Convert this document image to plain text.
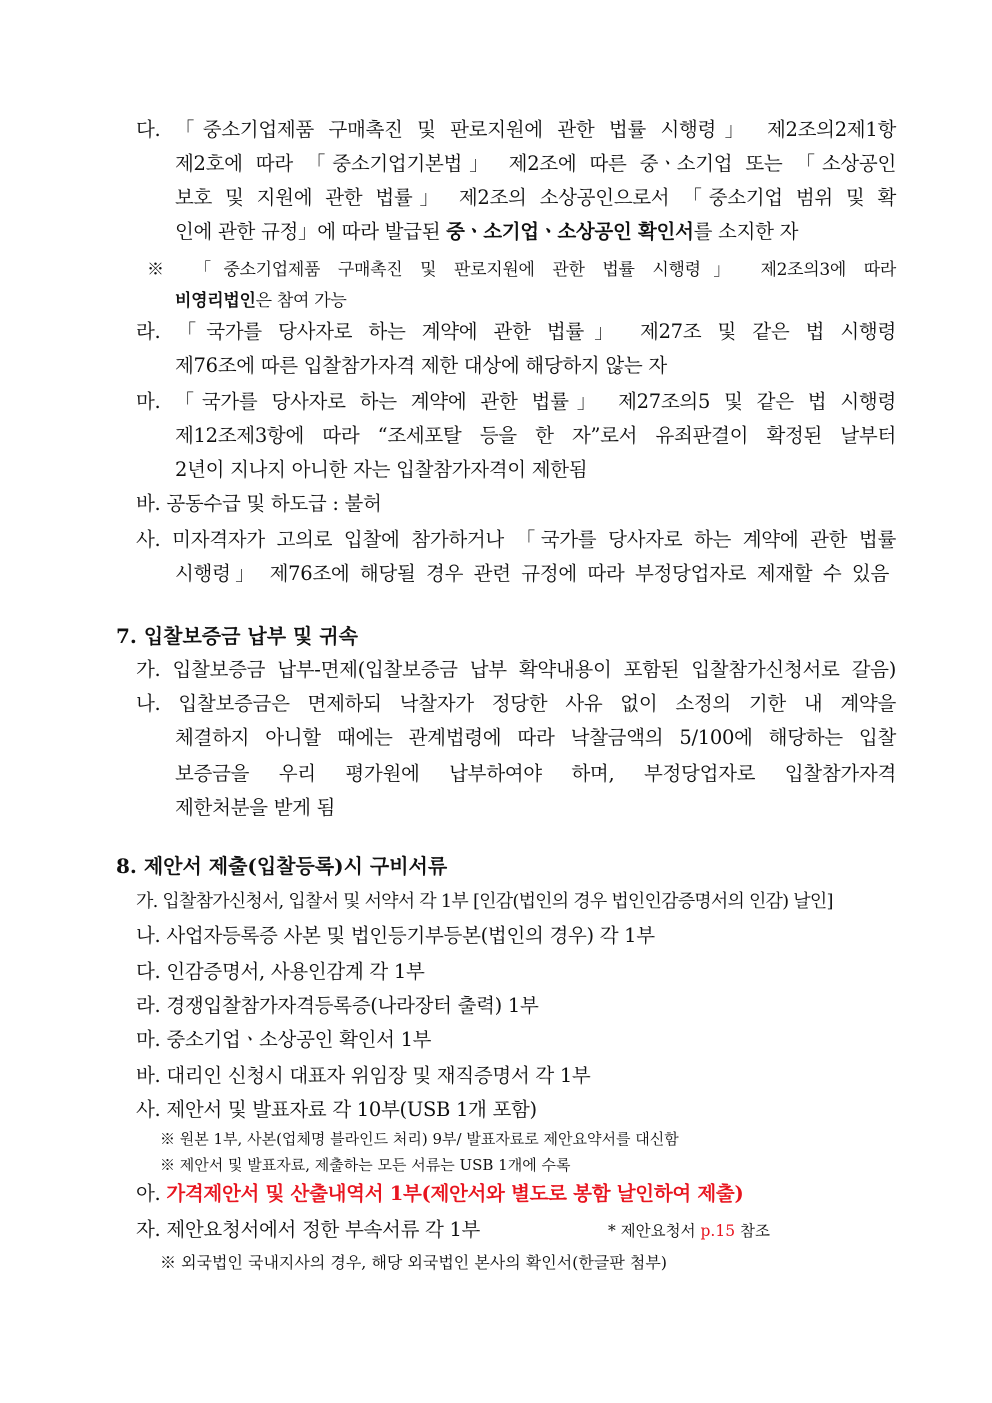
다. 「중소기업제품 구매촉진 및 판로지원에 관한 법률 시행령」 제2조의2제1항
제2호에 따라 「중소기업기본법」 제2조에 따른 중ㆍ소기업 또는 「소상공인
보호 및 지원에 관한 법률」 제2조의 소상공인으로서 「중소기업 범위 및 확
인에 관한 규정」에 따라 발급된 중ㆍ소기업ㆍ소상공인 확인서를 소지한 자
※ 「중소기업제품 구매촉진 및 판로지원에 관한 법률 시행령」 제2조의3에 따라
비영리법인은 참여 가능
라. 「국가를 당사자로 하는 계약에 관한 법률」 제27조 및 같은 법 시행령
제76조에 따른 입찰참가자격 제한 대상에 해당하지 않는 자
마. 「국가를 당사자로 하는 계약에 관한 법률」 제27조의5 및 같은 법 시행령
제12조제3항에 따라 “조세포탈 등을 한 자”로서 유죄판결이 확정된 날부터
2년이 지나지 아니한 자는 입찰참가자격이 제한됨
바. 공동수급 및 하도급 : 불허
사. 미자격자가 고의로 입찰에 참가하거나 「국가를 당사자로 하는 계약에 관한 법률
시행령」 제76조에 해당될 경우 관련 규정에 따라 부정당업자로 제재할 수 있음
7. 입찰보증금 납부 및 귀속
가. 입찰보증금 납부-면제(입찰보증금 납부 확약내용이 포함된 입찰참가신청서로 갈음)
나. 입찰보증금은 면제하되 낙찰자가 정당한 사유 없이 소정의 기한 내 계약을
체결하지 아니할 때에는 관계법령에 따라 낙찰금액의 5/100에 해당하는 입찰
보증금을 우리 평가원에 납부하여야 하며, 부정당업자로 입찰참가자격
제한처분을 받게 됨
8. 제안서 제출(입찰등록)시 구비서류
가. 입찰참가신청서, 입찰서 및 서약서 각 1부 [인감(법인의 경우 법인인감증명서의 인감) 날인]
나. 사업자등록증 사본 및 법인등기부등본(법인의 경우) 각 1부
다. 인감증명서, 사용인감계 각 1부
라. 경쟁입찰참가자격등록증(나라장터 출력) 1부
마. 중소기업ㆍ소상공인 확인서 1부
바. 대리인 신청시 대표자 위임장 및 재직증명서 각 1부
사. 제안서 및 발표자료 각 10부(USB 1개 포함)
※ 원본 1부, 사본(업체명 블라인드 처리) 9부/ 발표자료로 제안요약서를 대신함
※ 제안서 및 발표자료, 제출하는 모든 서류는 USB 1개에 수록
아. 가격제안서 및 산출내역서 1부(제안서와 별도로 봉함 날인하여 제출)
자. 제안요청서에서 정한 부속서류 각 1부	* 제안요청서 p.15 참조
※ 외국법인 국내지사의 경우, 해당 외국법인 본사의 확인서(한글판 첨부)
